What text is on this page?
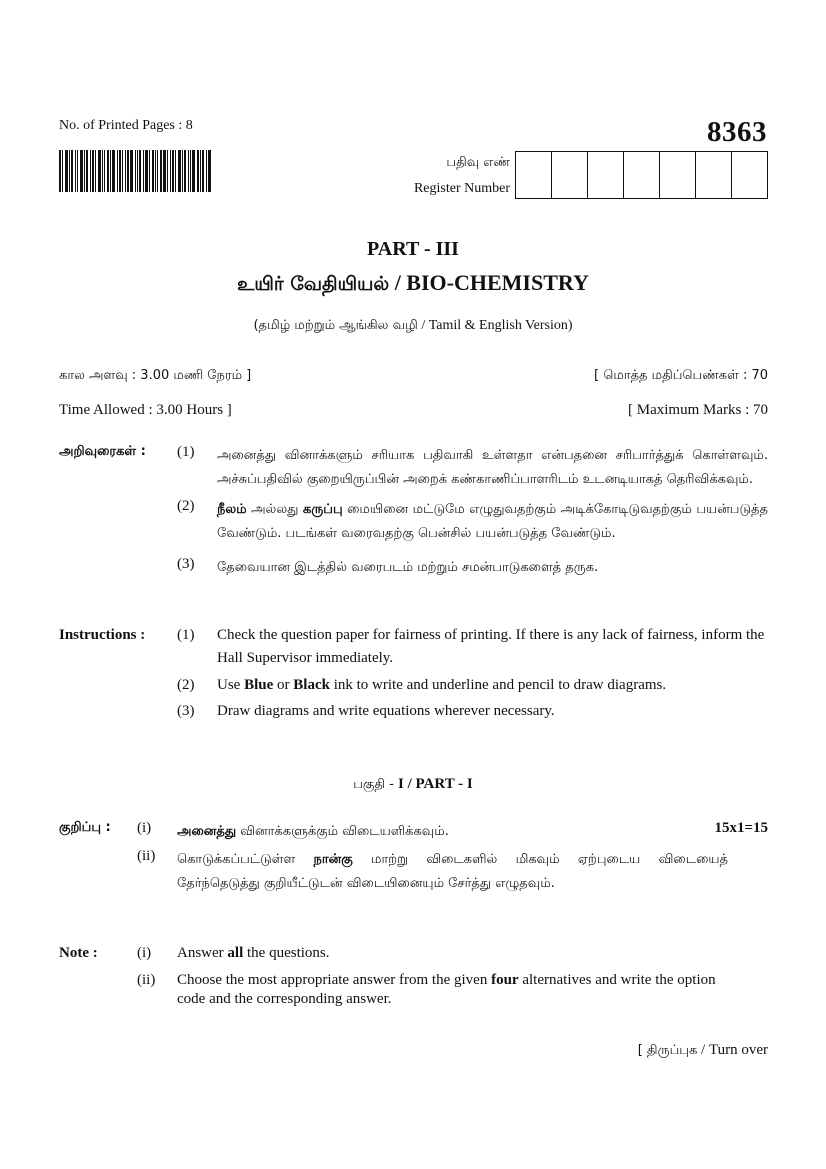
No. of Printed Pages : 8	8363
பதிவு எண்
Register Number
PART - III
உயிர் வேதியியல் / BIO-CHEMISTRY
(தமிழ் மற்றும் ஆங்கில வழி / Tamil & English Version)
கால அளவு : 3.00 மணி நேரம் ]	[ மொத்த மதிப்பெண்கள் : 70
Time Allowed : 3.00 Hours ]	[ Maximum Marks : 70
அறிவுரைகள் :	(1)	அனைத்து வினாக்களும் சரியாக பதிவாகி உள்ளதா என்பதனை சரிபார்த்துக் கொள்ளவும். அச்சுப்பதிவில் குறையிருப்பின் அறைக் கண்காணிப்பாளரிடம் உடனடியாகத் தெரிவிக்கவும்.
(2)	நீலம் அல்லது கருப்பு மையினை மட்டுமே எழுதுவதற்கும் அடிக்கோடிடுவதற்கும் பயன்படுத்த வேண்டும். படங்கள் வரைவதற்கு பென்சில் பயன்படுத்த வேண்டும்.
(3)	தேவையான இடத்தில் வரைபடம் மற்றும் சமன்பாடுகளைத் தருக.
Instructions :	(1)	Check the question paper for fairness of printing. If there is any lack of fairness, inform the Hall Supervisor immediately.
(2)	Use Blue or Black ink to write and underline and pencil to draw diagrams.
(3)	Draw diagrams and write equations wherever necessary.
பகுதி - I / PART - I
குறிப்பு :	(i)	அனைத்து வினாக்களுக்கும் விடையளிக்கவும்.	15x1=15
(ii)	கொடுக்கப்பட்டுள்ள நான்கு மாற்று விடைகளில் மிகவும் ஏற்புடைய விடையைத் தேர்ந்தெடுத்து குறியீட்டுடன் விடையினையும் சேர்த்து எழுதவும்.
Note :	(i)	Answer all the questions.
(ii)	Choose the most appropriate answer from the given four alternatives and write the option code and the corresponding answer.
[ திருப்புக / Turn over
